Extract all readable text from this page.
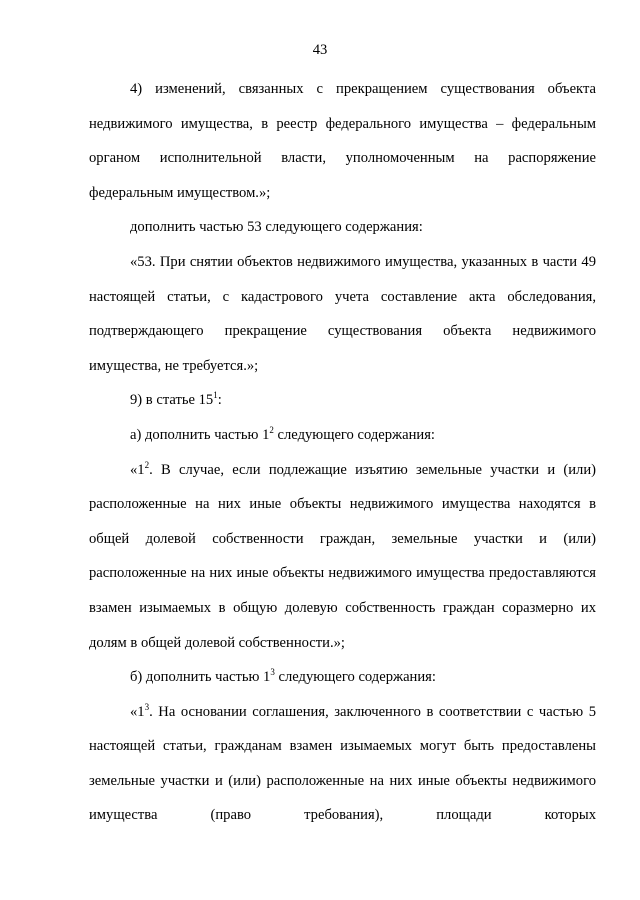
43

4) изменений, связанных с прекращением существования объекта недвижимого имущества, в реестр федерального имущества – федеральным органом исполнительной власти, уполномоченным на распоряжение федеральным имуществом.»;

дополнить частью 53 следующего содержания:

«53. При снятии объектов недвижимого имущества, указанных в части 49 настоящей статьи, с кадастрового учета составление акта обследования, подтверждающего прекращение существования объекта недвижимого имущества, не требуется.»;

9) в статье $15^1$:

а) дополнить частью $1^2$ следующего содержания:

«$1^2$. В случае, если подлежащие изъятию земельные участки и (или) расположенные на них иные объекты недвижимого имущества находятся в общей долевой собственности граждан, земельные участки и (или) расположенные на них иные объекты недвижимого имущества предоставляются взамен изымаемых в общую долевую собственность граждан соразмерно их долям в общей долевой собственности.»;

б) дополнить частью $1^3$ следующего содержания:

«$1^3$. На основании соглашения, заключенного в соответствии с частью 5 настоящей статьи, гражданам взамен изымаемых могут быть предоставлены земельные участки и (или) расположенные на них иные объекты недвижимого имущества (право требования), площади которых
